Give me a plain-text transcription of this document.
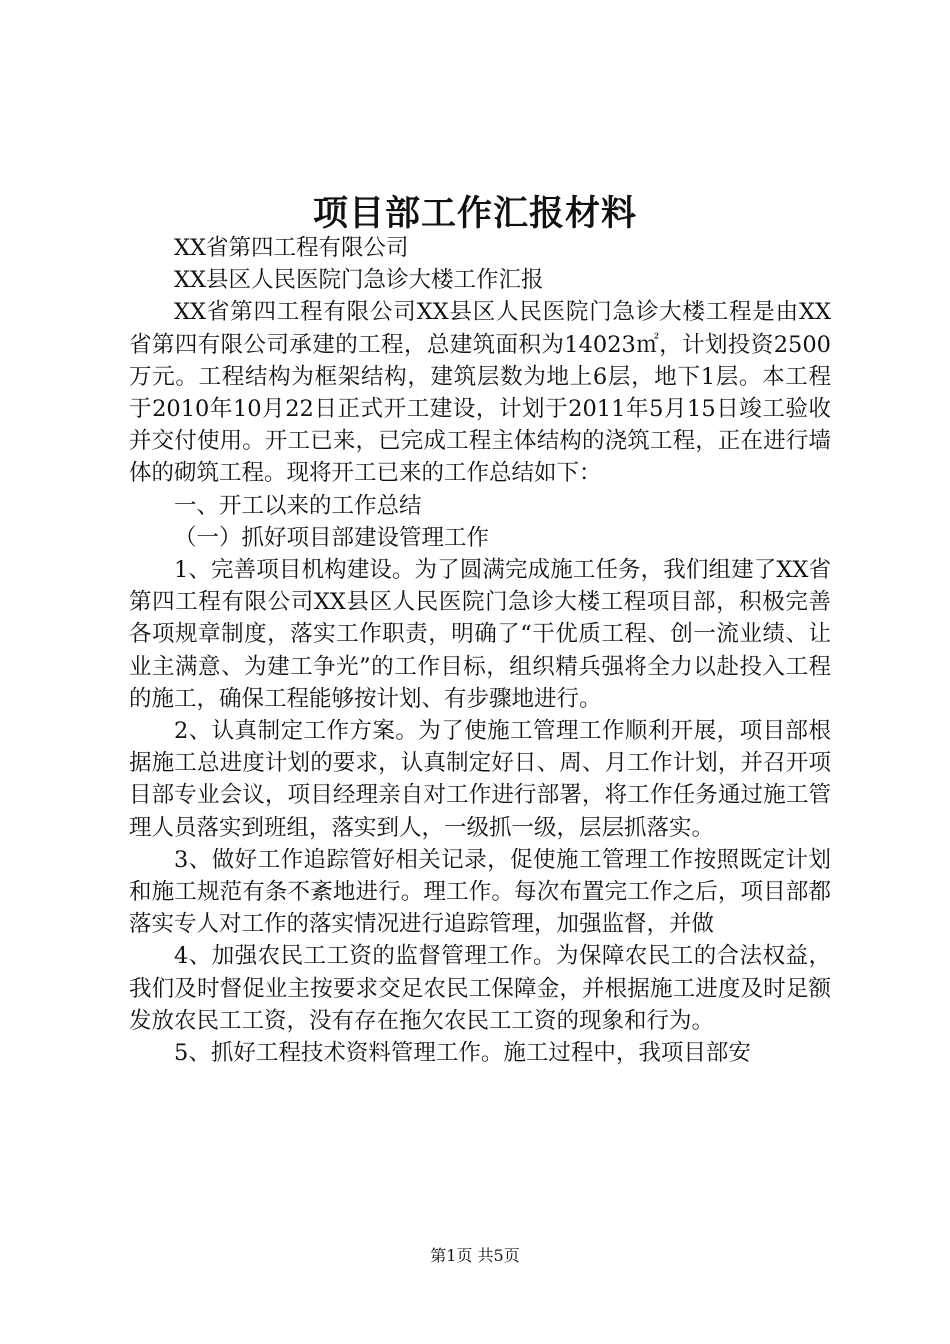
项目部工作汇报材料

XX省第四工程有限公司

XX县区人民医院门急诊大楼工作汇报

XX省第四工程有限公司XX县区人民医院门急诊大楼工程是由XX省第四有限公司承建的工程，总建筑面积为14023㎡，计划投资2500万元。工程结构为框架结构，建筑层数为地上6层，地下1层。本工程于2010年10月22日正式开工建设，计划于2011年5月15日竣工验收并交付使用。开工已来，已完成工程主体结构的浇筑工程，正在进行墙体的砌筑工程。现将开工已来的工作总结如下：

一、开工以来的工作总结

（一）抓好项目部建设管理工作

1、完善项目机构建设。为了圆满完成施工任务，我们组建了XX省第四工程有限公司XX县区人民医院门急诊大楼工程项目部，积极完善各项规章制度，落实工作职责，明确了“干优质工程、创一流业绩、让业主满意、为建工争光”的工作目标，组织精兵强将全力以赴投入工程的施工，确保工程能够按计划、有步骤地进行。

2、认真制定工作方案。为了使施工管理工作顺利开展，项目部根据施工总进度计划的要求，认真制定好日、周、月工作计划，并召开项目部专业会议，项目经理亲自对工作进行部署，将工作任务通过施工管理人员落实到班组，落实到人，一级抓一级，层层抓落实。

3、做好工作追踪管好相关记录，促使施工管理工作按照既定计划和施工规范有条不紊地进行。理工作。每次布置完工作之后，项目部都落实专人对工作的落实情况进行追踪管理，加强监督，并做

4、加强农民工工资的监督管理工作。为保障农民工的合法权益，我们及时督促业主按要求交足农民工保障金，并根据施工进度及时足额发放农民工工资，没有存在拖欠农民工工资的现象和行为。

5、抓好工程技术资料管理工作。施工过程中，我项目部安

第1页 共5页
